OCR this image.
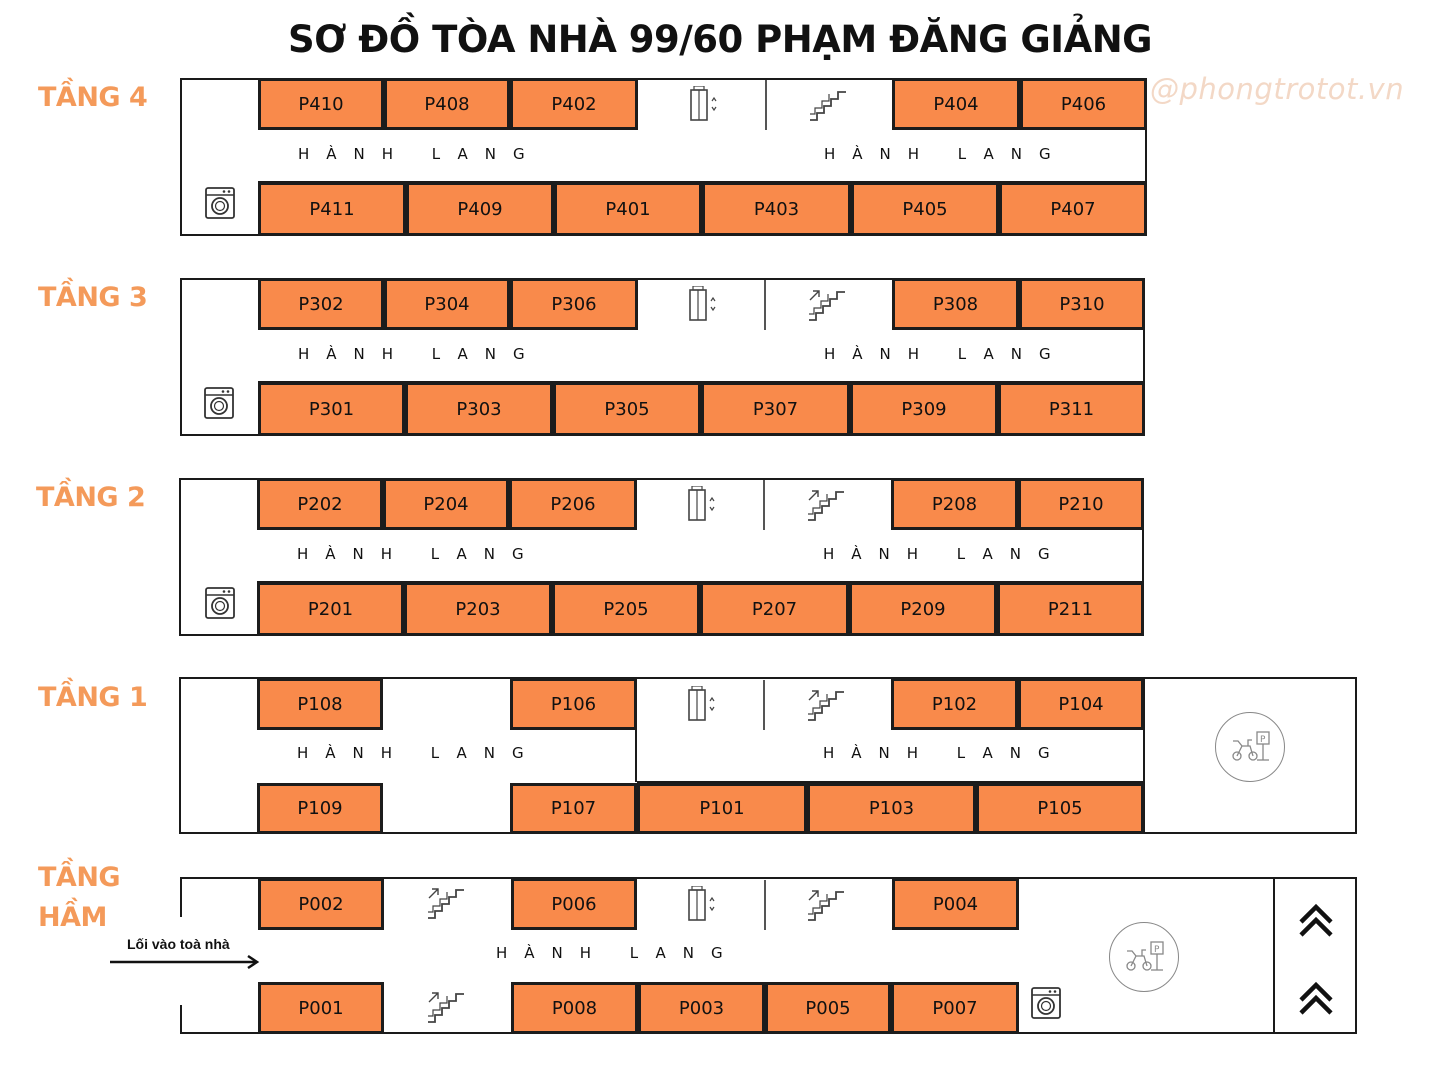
SƠ ĐỒ TÒA NHÀ 99/60 PHẠM ĐĂNG GIẢNG
@phongtrotot.vn
TẦNG 4	P410	P408	P402	P404	P406
HÀNH LANG	HÀNH LANG
P411	P409	P401	P403	P405	P407
TẦNG 3	P302	P304	P306	P308	P310
HÀNH LANG	HÀNH LANG
P301	P303	P305	P307	P309	P311
TẦNG 2	P202	P204	P206	P208	P210
HÀNH LANG	HÀNH LANG
P201	P203	P205	P207	P209	P211
TẦNG 1	P108	P106	P102	P104
HÀNH LANG	HÀNH LANG
P109	P107	P101	P103	P105
P
TẦNG
HẦM	P002	P006	P004
HÀNH LANG
P001	P008	P003	P005	P007
P
Lối vào toà nhà
